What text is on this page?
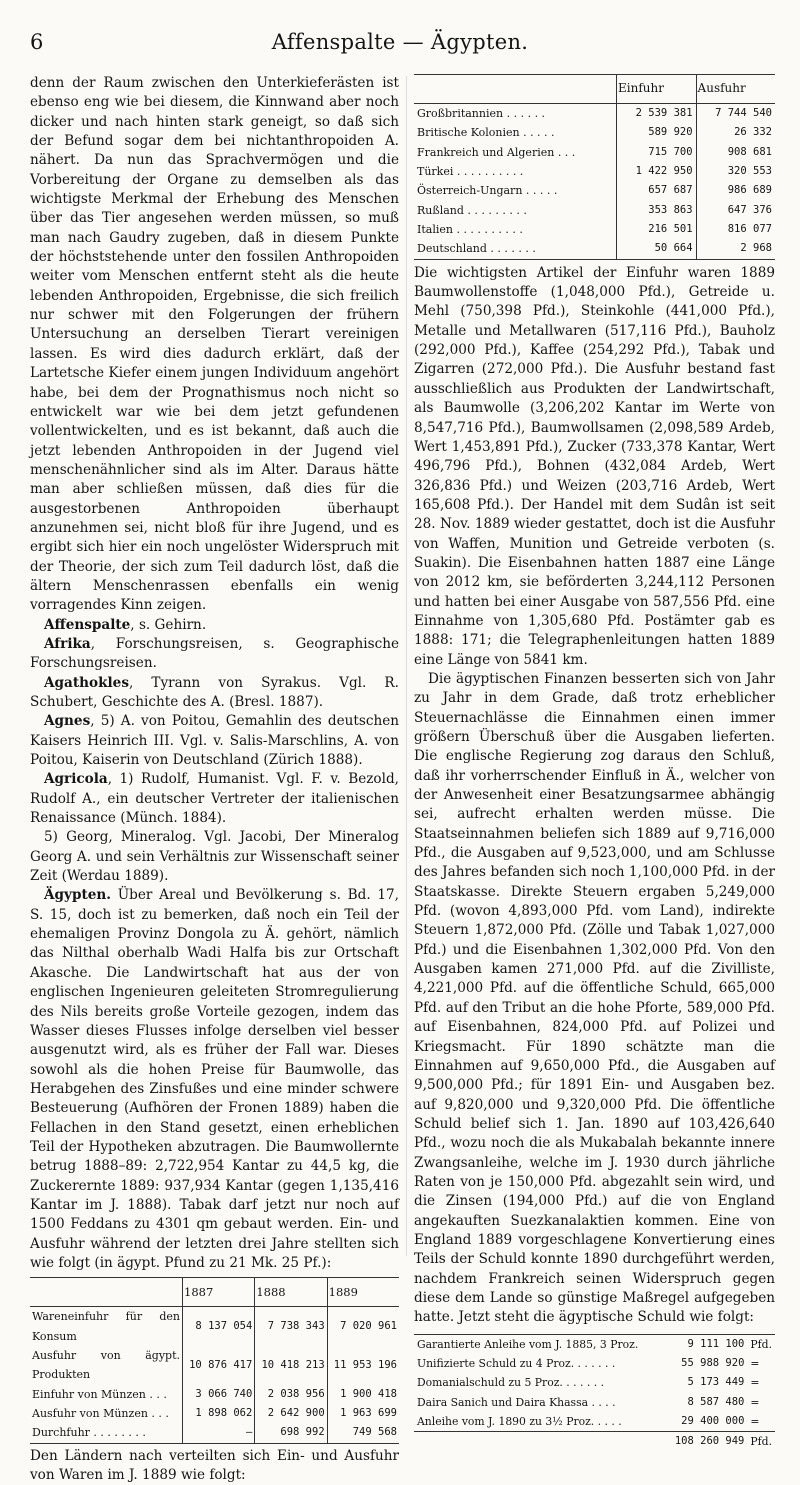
6	Affenspalte — Ägypten.

denn der Raum zwischen den Unterkieferästen ist ebenso eng wie bei diesem, die Kinnwand aber noch dicker und nach hinten stark geneigt, so daß sich der Befund sogar dem bei nichtanthropoiden A. nähert. Da nun das Sprachvermögen und die Vorbereitung der Organe zu demselben als das wichtigste Merkmal der Erhebung des Menschen über das Tier angesehen werden müssen, so muß man nach Gaudry zugeben, daß in diesem Punkte der höchststehende unter den fossilen Anthropoiden weiter vom Menschen entfernt steht als die heute lebenden Anthropoiden, Ergebnisse, die sich freilich nur schwer mit den Folgerungen der frühern Untersuchung an derselben Tierart vereinigen lassen. Es wird dies dadurch erklärt, daß der Lartetsche Kiefer einem jungen Individuum angehört habe, bei dem der Prognathismus noch nicht so entwickelt war wie bei dem jetzt gefundenen vollentwickelten, und es ist bekannt, daß auch die jetzt lebenden Anthropoiden in der Jugend viel menschenähnlicher sind als im Alter. Daraus hätte man aber schließen müssen, daß dies für die ausgestorbenen Anthropoiden überhaupt anzunehmen sei, nicht bloß für ihre Jugend, und es ergibt sich hier ein noch ungelöster Widerspruch mit der Theorie, der sich zum Teil dadurch löst, daß die ältern Menschenrassen ebenfalls ein wenig vorragendes Kinn zeigen.

Affenspalte, s. Gehirn.

Afrika, Forschungsreisen, s. Geographische Forschungsreisen.

Agathokles, Tyrann von Syrakus. Vgl. R. Schubert, Geschichte des A. (Bresl. 1887).

Agnes, 5) A. von Poitou, Gemahlin des deutschen Kaisers Heinrich III. Vgl. v. Salis-Marschlins, A. von Poitou, Kaiserin von Deutschland (Zürich 1888).

Agricola, 1) Rudolf, Humanist. Vgl. F. v. Bezold, Rudolf A., ein deutscher Vertreter der italienischen Renaissance (Münch. 1884).

5) Georg, Mineralog. Vgl. Jacobi, Der Mineralog Georg A. und sein Verhältnis zur Wissenschaft seiner Zeit (Werdau 1889).

Ägypten. Über Areal und Bevölkerung s. Bd. 17, S. 15, doch ist zu bemerken, daß noch ein Teil der ehemaligen Provinz Dongola zu Ä. gehört, nämlich das Nilthal oberhalb Wadi Halfa bis zur Ortschaft Akasche. Die Landwirtschaft hat aus der von englischen Ingenieuren geleiteten Stromregulierung des Nils bereits große Vorteile gezogen, indem das Wasser dieses Flusses infolge derselben viel besser ausgenutzt wird, als es früher der Fall war. Dieses sowohl als die hohen Preise für Baumwolle, das Herabgehen des Zinsfußes und eine minder schwere Besteuerung (Aufhören der Fronen 1889) haben die Fellachen in den Stand gesetzt, einen erheblichen Teil der Hypotheken abzutragen. Die Baumwollernte betrug 1888–89: 2,722,954 Kantar zu 44,5 kg, die Zuckerernte 1889: 937,934 Kantar (gegen 1,135,416 Kantar im J. 1888). Tabak darf jetzt nur noch auf 1500 Feddans zu 4301 qm gebaut werden. Ein- und Ausfuhr während der letzten drei Jahre stellten sich wie folgt (in ägypt. Pfund zu 21 Mk. 25 Pf.):

	1887	1888	1889
Wareneinfuhr für den Konsum	8 137 054	7 738 343	7 020 961
Ausfuhr von ägypt. Produkten	10 876 417	10 418 213	11 953 196
Einfuhr von Münzen . . .	3 066 740	2 038 956	1 900 418
Ausfuhr von Münzen . . .	1 898 062	2 642 900	1 963 699
Durchfuhr . . . . . . . .	—	698 992	749 568

Den Ländern nach verteilten sich Ein- und Ausfuhr von Waren im J. 1889 wie folgt:

	Einfuhr	Ausfuhr
Großbritannien . . . . . .	2 539 381	7 744 540
Britische Kolonien . . . . .	589 920	26 332
Frankreich und Algerien . . .	715 700	908 681
Türkei . . . . . . . . . .	1 422 950	320 553
Österreich-Ungarn . . . . .	657 687	986 689
Rußland . . . . . . . . .	353 863	647 376
Italien . . . . . . . . . .	216 501	816 077
Deutschland . . . . . . .	50 664	2 968

Die wichtigsten Artikel der Einfuhr waren 1889 Baumwollenstoffe (1,048,000 Pfd.), Getreide u. Mehl (750,398 Pfd.), Steinkohle (441,000 Pfd.), Metalle und Metallwaren (517,116 Pfd.), Bauholz (292,000 Pfd.), Kaffee (254,292 Pfd.), Tabak und Zigarren (272,000 Pfd.). Die Ausfuhr bestand fast ausschließlich aus Produkten der Landwirtschaft, als Baumwolle (3,206,202 Kantar im Werte von 8,547,716 Pfd.), Baumwollsamen (2,098,589 Ardeb, Wert 1,453,891 Pfd.), Zucker (733,378 Kantar, Wert 496,796 Pfd.), Bohnen (432,084 Ardeb, Wert 326,836 Pfd.) und Weizen (203,716 Ardeb, Wert 165,608 Pfd.). Der Handel mit dem Sudân ist seit 28. Nov. 1889 wieder gestattet, doch ist die Ausfuhr von Waffen, Munition und Getreide verboten (s. Suakin). Die Eisenbahnen hatten 1887 eine Länge von 2012 km, sie beförderten 3,244,112 Personen und hatten bei einer Ausgabe von 587,556 Pfd. eine Einnahme von 1,305,680 Pfd. Postämter gab es 1888: 171; die Telegraphenleitungen hatten 1889 eine Länge von 5841 km.

Die ägyptischen Finanzen besserten sich von Jahr zu Jahr in dem Grade, daß trotz erheblicher Steuernachlässe die Einnahmen einen immer größern Überschuß über die Ausgaben lieferten. Die englische Regierung zog daraus den Schluß, daß ihr vorherrschender Einfluß in Ä., welcher von der Anwesenheit einer Besatzungsarmee abhängig sei, aufrecht erhalten werden müsse. Die Staatseinnahmen beliefen sich 1889 auf 9,716,000 Pfd., die Ausgaben auf 9,523,000, und am Schlusse des Jahres befanden sich noch 1,100,000 Pfd. in der Staatskasse. Direkte Steuern ergaben 5,249,000 Pfd. (wovon 4,893,000 Pfd. vom Land), indirekte Steuern 1,872,000 Pfd. (Zölle und Tabak 1,027,000 Pfd.) und die Eisenbahnen 1,302,000 Pfd. Von den Ausgaben kamen 271,000 Pfd. auf die Zivilliste, 4,221,000 Pfd. auf die öffentliche Schuld, 665,000 Pfd. auf den Tribut an die hohe Pforte, 589,000 Pfd. auf Eisenbahnen, 824,000 Pfd. auf Polizei und Kriegsmacht. Für 1890 schätzte man die Einnahmen auf 9,650,000 Pfd., die Ausgaben auf 9,500,000 Pfd.; für 1891 Ein- und Ausgaben bez. auf 9,820,000 und 9,320,000 Pfd. Die öffentliche Schuld belief sich 1. Jan. 1890 auf 103,426,640 Pfd., wozu noch die als Mukabalah bekannte innere Zwangsanleihe, welche im J. 1930 durch jährliche Raten von je 150,000 Pfd. abgezahlt sein wird, und die Zinsen (194,000 Pfd.) auf die von England angekauften Suezkanalaktien kommen. Eine von England 1889 vorgeschlagene Konvertierung eines Teils der Schuld konnte 1890 durchgeführt werden, nachdem Frankreich seinen Widerspruch gegen diese dem Lande so günstige Maßregel aufgegeben hatte. Jetzt steht die ägyptische Schuld wie folgt:

Garantierte Anleihe vom J. 1885, 3 Proz.	9 111 100	Pfd.
Unifizierte Schuld zu 4 Proz. . . . . . .	55 988 920	=
Domanialschuld zu 5 Proz. . . . . . .	5 173 449	=
Daira Sanich und Daira Khassa . . . .	8 587 480	=
Anleihe vom J. 1890 zu 3½ Proz. . . . .	29 400 000	=
	108 260 949	Pfd.
